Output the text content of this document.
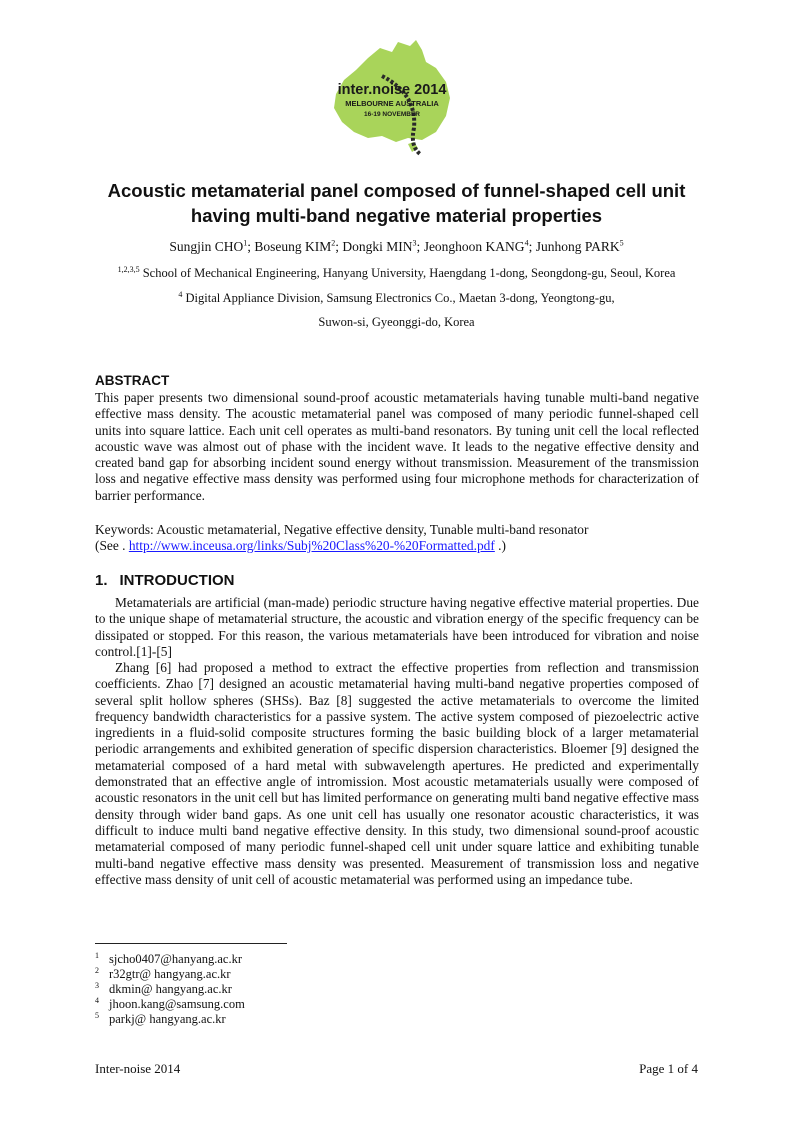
inter.noise 2014
MELBOURNE AUSTRALIA
16-19 NOVEMBER
Acoustic metamaterial panel composed of funnel-shaped cell unit
having multi-band negative material properties
Sungjin CHO$^1$; Boseung KIM$^2$; Dongki MIN$^3$; Jeonghoon KANG$^4$; Junhong PARK$^5$
$^{1,2,3,5}$ School of Mechanical Engineering, Hanyang University, Haengdang 1-dong, Seongdong-gu, Seoul, Korea
$^4$ Digital Appliance Division, Samsung Electronics Co., Maetan 3-dong, Yeongtong-gu,
Suwon-si, Gyeonggi-do, Korea
ABSTRACT

This paper presents two dimensional sound-proof acoustic metamaterials having tunable multi-band negative effective mass density. The acoustic metamaterial panel was composed of many periodic funnel-shaped cell units into square lattice. Each unit cell operates as multi-band resonators. By tuning unit cell the local reflected acoustic wave was almost out of phase with the incident wave. It leads to the negative effective density and created band gap for absorbing incident sound energy without transmission. Measurement of the transmission loss and negative effective mass density was performed using four microphone methods for characterization of barrier performance.

Keywords: Acoustic metamaterial, Negative effective density, Tunable multi-band resonator
(See . http://www.inceusa.org/links/Subj%20Class%20-%20Formatted.pdf .)
1. INTRODUCTION

Metamaterials are artificial (man-made) periodic structure having negative effective material properties. Due to the unique shape of metamaterial structure, the acoustic and vibration energy of the specific frequency can be dissipated or stopped. For this reason, the various metamaterials have been introduced for vibration and noise control.[1]-[5]

Zhang [6] had proposed a method to extract the effective properties from reflection and transmission coefficients. Zhao [7] designed an acoustic metamaterial having multi-band negative properties composed of several split hollow spheres (SHSs). Baz [8] suggested the active metamaterials to overcome the limited frequency bandwidth characteristics for a passive system. The active system composed of piezoelectric active ingredients in a fluid-solid composite structures forming the basic building block of a larger metamaterial periodic arrangements and exhibited generation of specific dispersion characteristics. Bloemer [9] designed the metamaterial composed of a hard metal with subwavelength apertures. He predicted and experimentally demonstrated that an effective angle of intromission. Most acoustic metamaterials usually were composed of acoustic resonators in the unit cell but has limited performance on generating multi band negative effective mass density through wider band gaps. As one unit cell has usually one resonator acoustic characteristics, it was difficult to induce multi band negative effective density. In this study, two dimensional sound-proof acoustic metamaterial composed of many periodic funnel-shaped cell unit under square lattice and exhibiting tunable multi-band negative effective mass density was presented. Measurement of transmission loss and negative effective mass density of unit cell of acoustic metamaterial was performed using an impedance tube.

1 sjcho0407@hanyang.ac.kr
2 r32gtr@ hangyang.ac.kr
3 dkmin@ hangyang.ac.kr
4 jhoon.kang@samsung.com
5 parkj@ hangyang.ac.kr
Inter-noise 2014	Page 1 of 4
